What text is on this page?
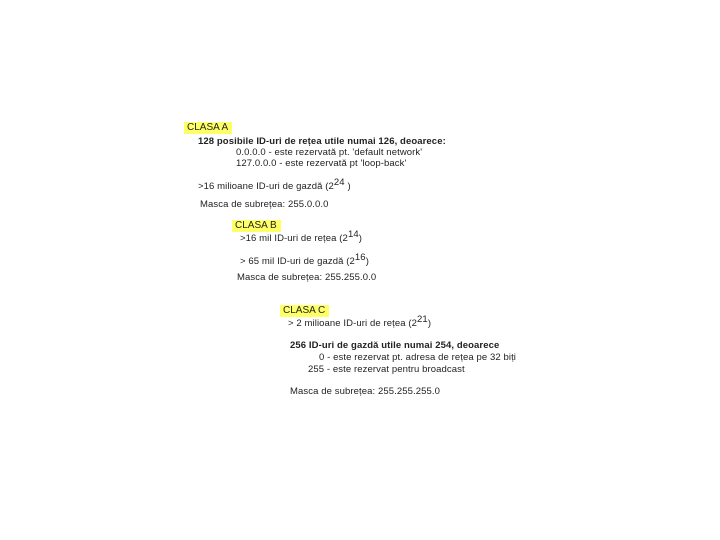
CLASA A
128 posibile ID-uri de rețea utile numai 126, deoarece:
0.0.0.0 - este rezervată pt. 'default network'
127.0.0.0 - este rezervată pt 'loop-back'
>16 milioane ID-uri de gazdă ($2^{24}$ )
Masca de subrețea: 255.0.0.0
CLASA B
>16 mil ID-uri de rețea $(2^{14})$
> 65 mil ID-uri de gazdă $(2^{16})$
Masca de subrețea: 255.255.0.0
CLASA C
> 2 milioane ID-uri de rețea $(2^{21})$
256 ID-uri de gazdă utile numai 254, deoarece
0 - este rezervat pt. adresa de rețea pe 32 biți
255 - este rezervat pentru broadcast
Masca de subrețea: 255.255.255.0
